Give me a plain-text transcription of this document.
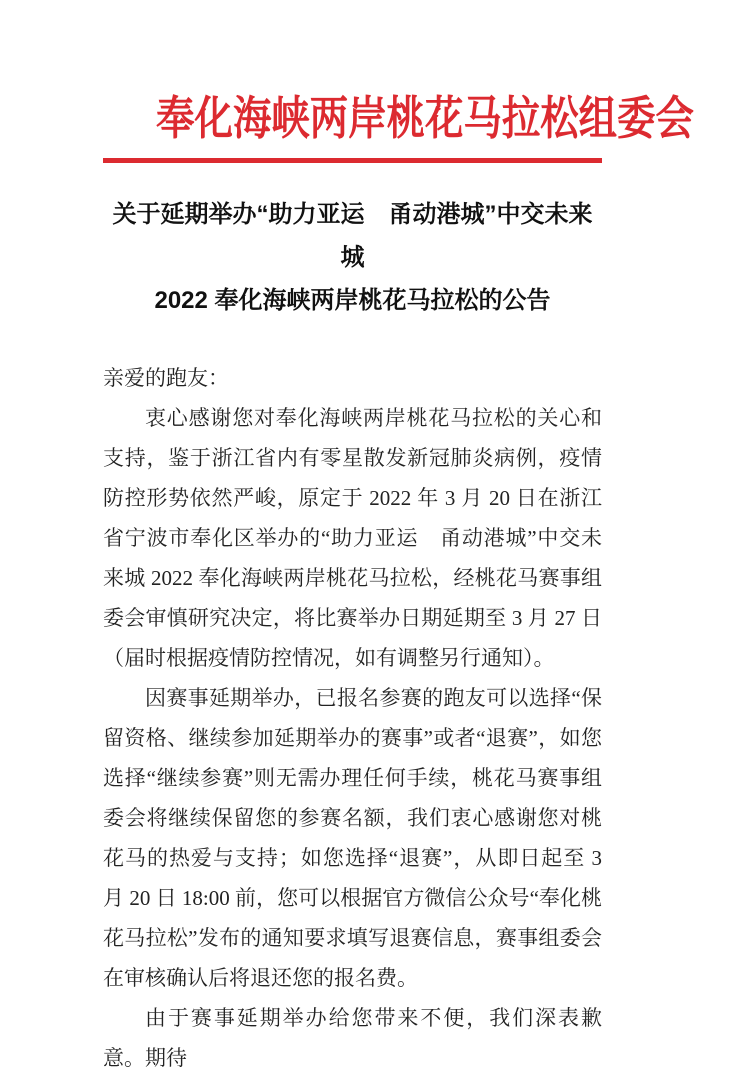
奉化海峡两岸桃花马拉松组委会
关于延期举办“助力亚运　甬动港城”中交未来城
2022 奉化海峡两岸桃花马拉松的公告

亲爱的跑友：

衷心感谢您对奉化海峡两岸桃花马拉松的关心和支持，鉴于浙江省内有零星散发新冠肺炎病例，疫情防控形势依然严峻，原定于 2022 年 3 月 20 日在浙江省宁波市奉化区举办的“助力亚运　甬动港城”中交未来城 2022 奉化海峡两岸桃花马拉松，经桃花马赛事组委会审慎研究决定，将比赛举办日期延期至 3 月 27 日（届时根据疫情防控情况，如有调整另行通知）。

因赛事延期举办，已报名参赛的跑友可以选择“保留资格、继续参加延期举办的赛事”或者“退赛”，如您选择“继续参赛”则无需办理任何手续，桃花马赛事组委会将继续保留您的参赛名额，我们衷心感谢您对桃花马的热爱与支持；如您选择“退赛”，从即日起至 3 月 20 日 18:00 前，您可以根据官方微信公众号“奉化桃花马拉松”发布的通知要求填写退赛信息，赛事组委会在审核确认后将退还您的报名费。

由于赛事延期举办给您带来不便，我们深表歉意。期待
